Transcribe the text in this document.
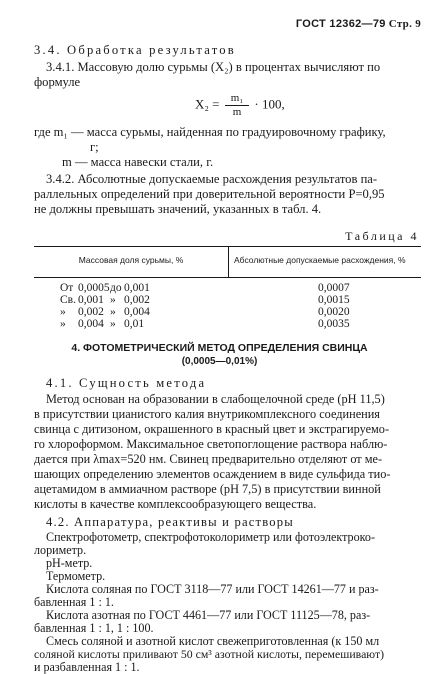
ГОСТ 12362—79 Стр. 9
3.4. Обработка результатов
3.4.1. Массовую долю сурьмы (X₂) в процентах вычисляют по
формуле
$X_2 = \frac{\text{m₁}}{m} \cdot 100$,
где m₁ — масса сурьмы, найденная по градуировочному графику,
г;
m — масса навески стали, г.
3.4.2. Абсолютные допускаемые расхождения результатов па-
раллельных определений при доверительной вероятности P=0,95
не должны превышать значений, указанных в табл. 4.
Таблица 4
Массовая доля сурьмы, %	Абсолютные допускаемые расхождения, %
От 0,0005 до 0,001	0,0007
Св. 0,001 » 0,002	0,0015
» 0,002 » 0,004	0,0020
» 0,004 » 0,01	0,0035
4. ФОТОМЕТРИЧЕСКИЙ МЕТОД ОПРЕДЕЛЕНИЯ СВИНЦА
(0,0005—0,01%)
4.1. Сущность метода
Метод основан на образовании в слабощелочной среде (pH 11,5)
в присутствии цианистого калия внутрикомплексного соединения
свинца с дитизоном, окрашенного в красный цвет и экстрагируемо-
го хлороформом. Максимальное светопоглощение раствора наблю-
дается при λmax=520 нм. Свинец предварительно отделяют от ме-
шающих определению элементов осаждением в виде сульфида тио-
ацетамидом в аммиачном растворе (pH 7,5) в присутствии винной
кислоты в качестве комплексообразующего вещества.
4.2. Аппаратура, реактивы и растворы
Спектрофотометр, спектрофотоколориметр или фотоэлектроко-
лориметр.
pH-метр.
Термометр.
Кислота соляная по ГОСТ 3118—77 или ГОСТ 14261—77 и раз-
бавленная 1 : 1.
Кислота азотная по ГОСТ 4461—77 или ГОСТ 11125—78, раз-
бавленная 1 : 1, 1 : 100.
Смесь соляной и азотной кислот свежеприготовленная (к 150 мл
соляной кислоты приливают 50 см³ азотной кислоты, перемешивают)
и разбавленная 1 : 1.
